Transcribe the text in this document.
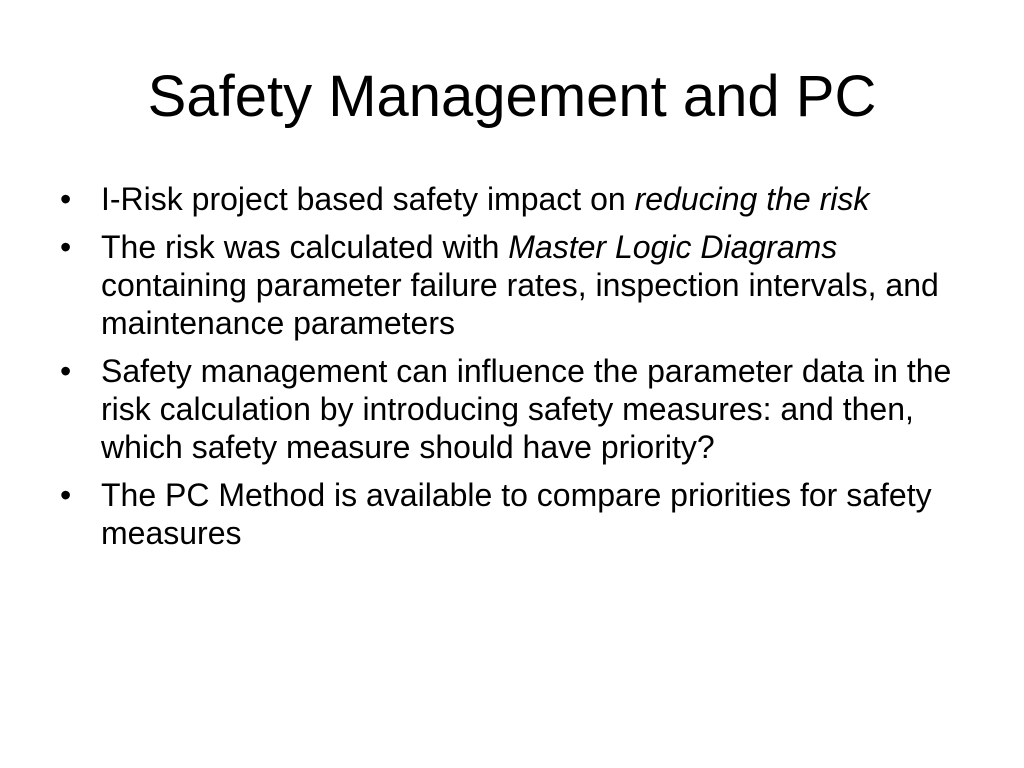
Safety Management and PC
• I-Risk project based safety impact on reducing the risk
• The risk was calculated with Master Logic Diagrams containing parameter failure rates, inspection intervals, and maintenance parameters
• Safety management can influence the parameter data in the risk calculation by introducing safety measures: and then, which safety measure should have priority?
• The PC Method is available to compare priorities for safety measures
